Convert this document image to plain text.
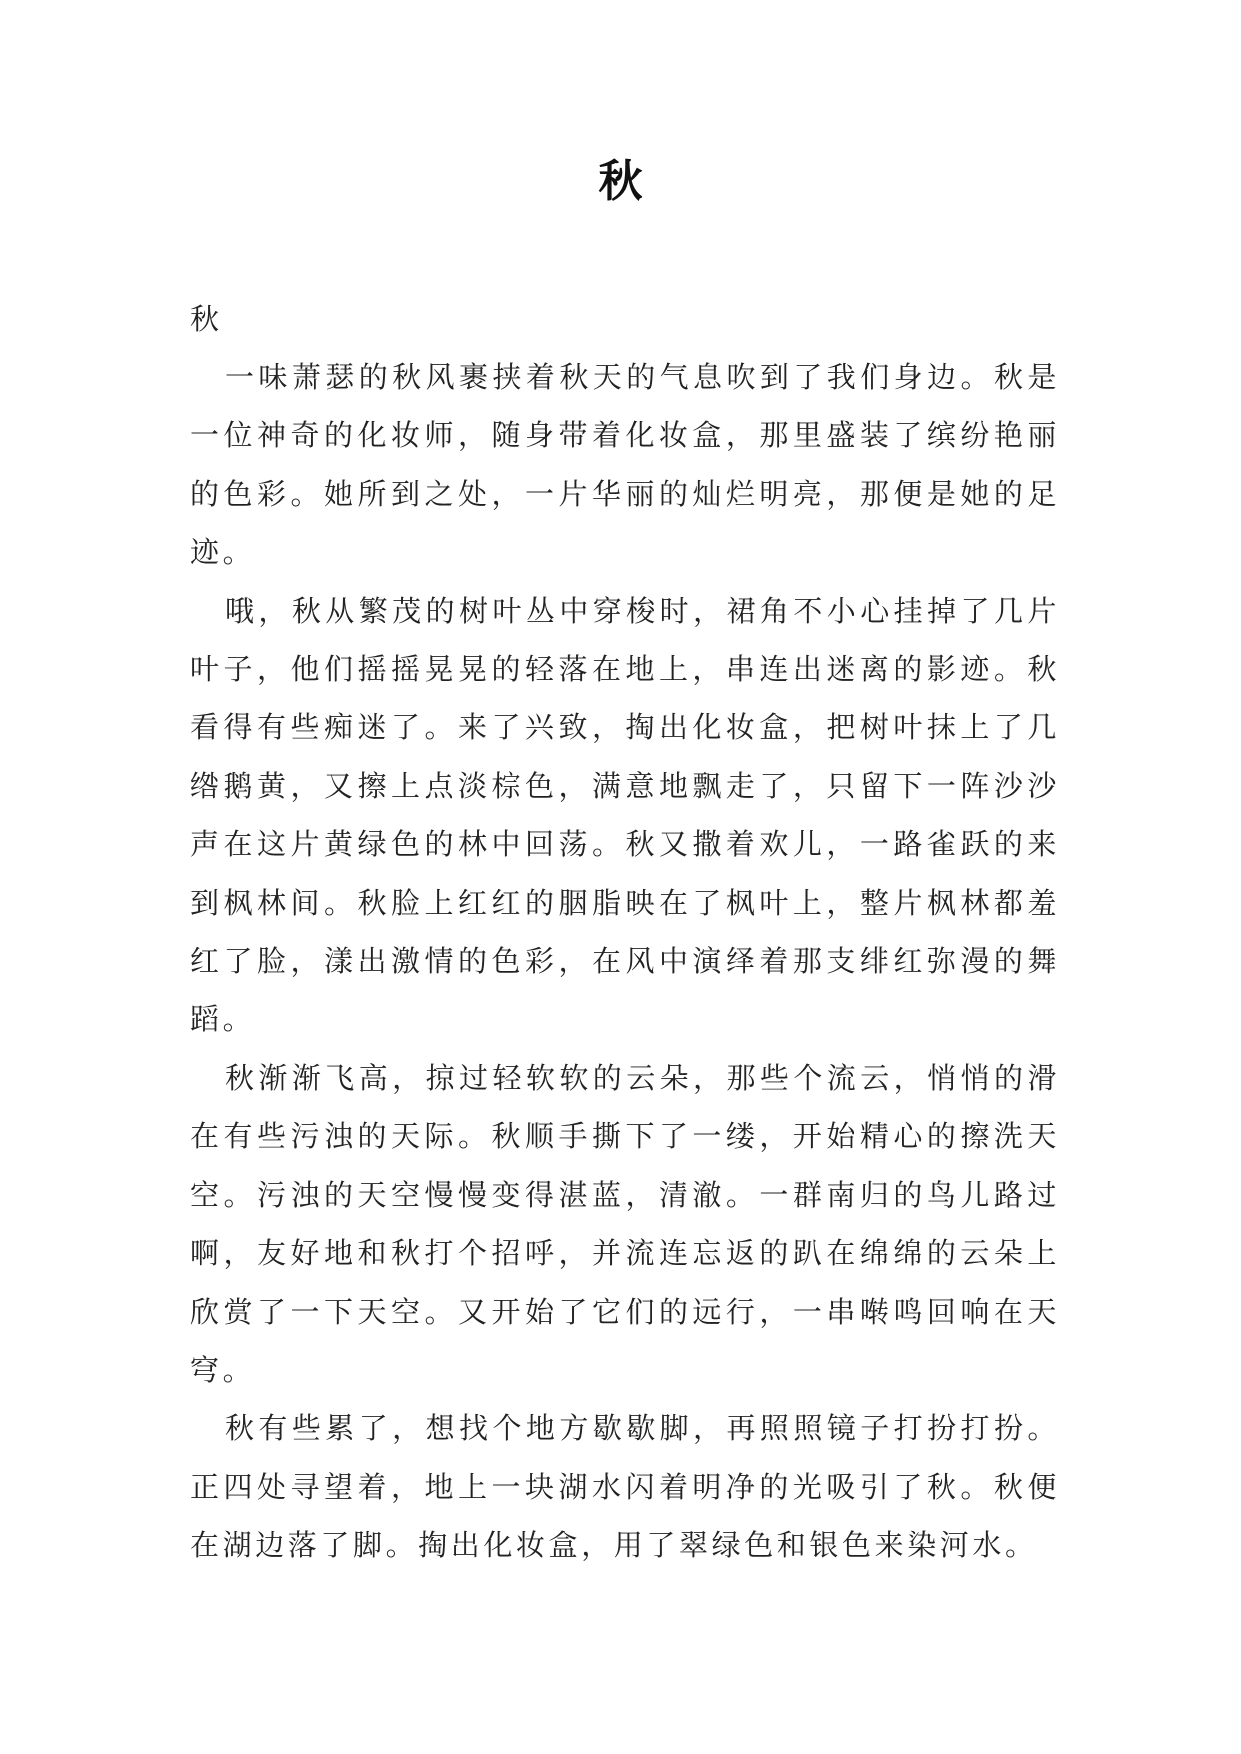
秋

秋

一味萧瑟的秋风裹挟着秋天的气息吹到了我们身边。秋是一位神奇的化妆师，随身带着化妆盒，那里盛装了缤纷艳丽的色彩。她所到之处，一片华丽的灿烂明亮，那便是她的足迹。

哦，秋从繁茂的树叶丛中穿梭时，裙角不小心挂掉了几片叶子，他们摇摇晃晃的轻落在地上，串连出迷离的影迹。秋看得有些痴迷了。来了兴致，掏出化妆盒，把树叶抹上了几绺鹅黄，又擦上点淡棕色，满意地飘走了，只留下一阵沙沙声在这片黄绿色的林中回荡。秋又撒着欢儿，一路雀跃的来到枫林间。秋脸上红红的胭脂映在了枫叶上，整片枫林都羞红了脸，漾出激情的色彩，在风中演绎着那支绯红弥漫的舞蹈。

秋渐渐飞高，掠过轻软软的云朵，那些个流云，悄悄的滑在有些污浊的天际。秋顺手撕下了一缕，开始精心的擦洗天空。污浊的天空慢慢变得湛蓝，清澈。一群南归的鸟儿路过啊，友好地和秋打个招呼，并流连忘返的趴在绵绵的云朵上欣赏了一下天空。又开始了它们的远行，一串啭鸣回响在天穹。

秋有些累了，想找个地方歇歇脚，再照照镜子打扮打扮。正四处寻望着，地上一块湖水闪着明净的光吸引了秋。秋便在湖边落了脚。掏出化妆盒，用了翠绿色和银色来染河水。
